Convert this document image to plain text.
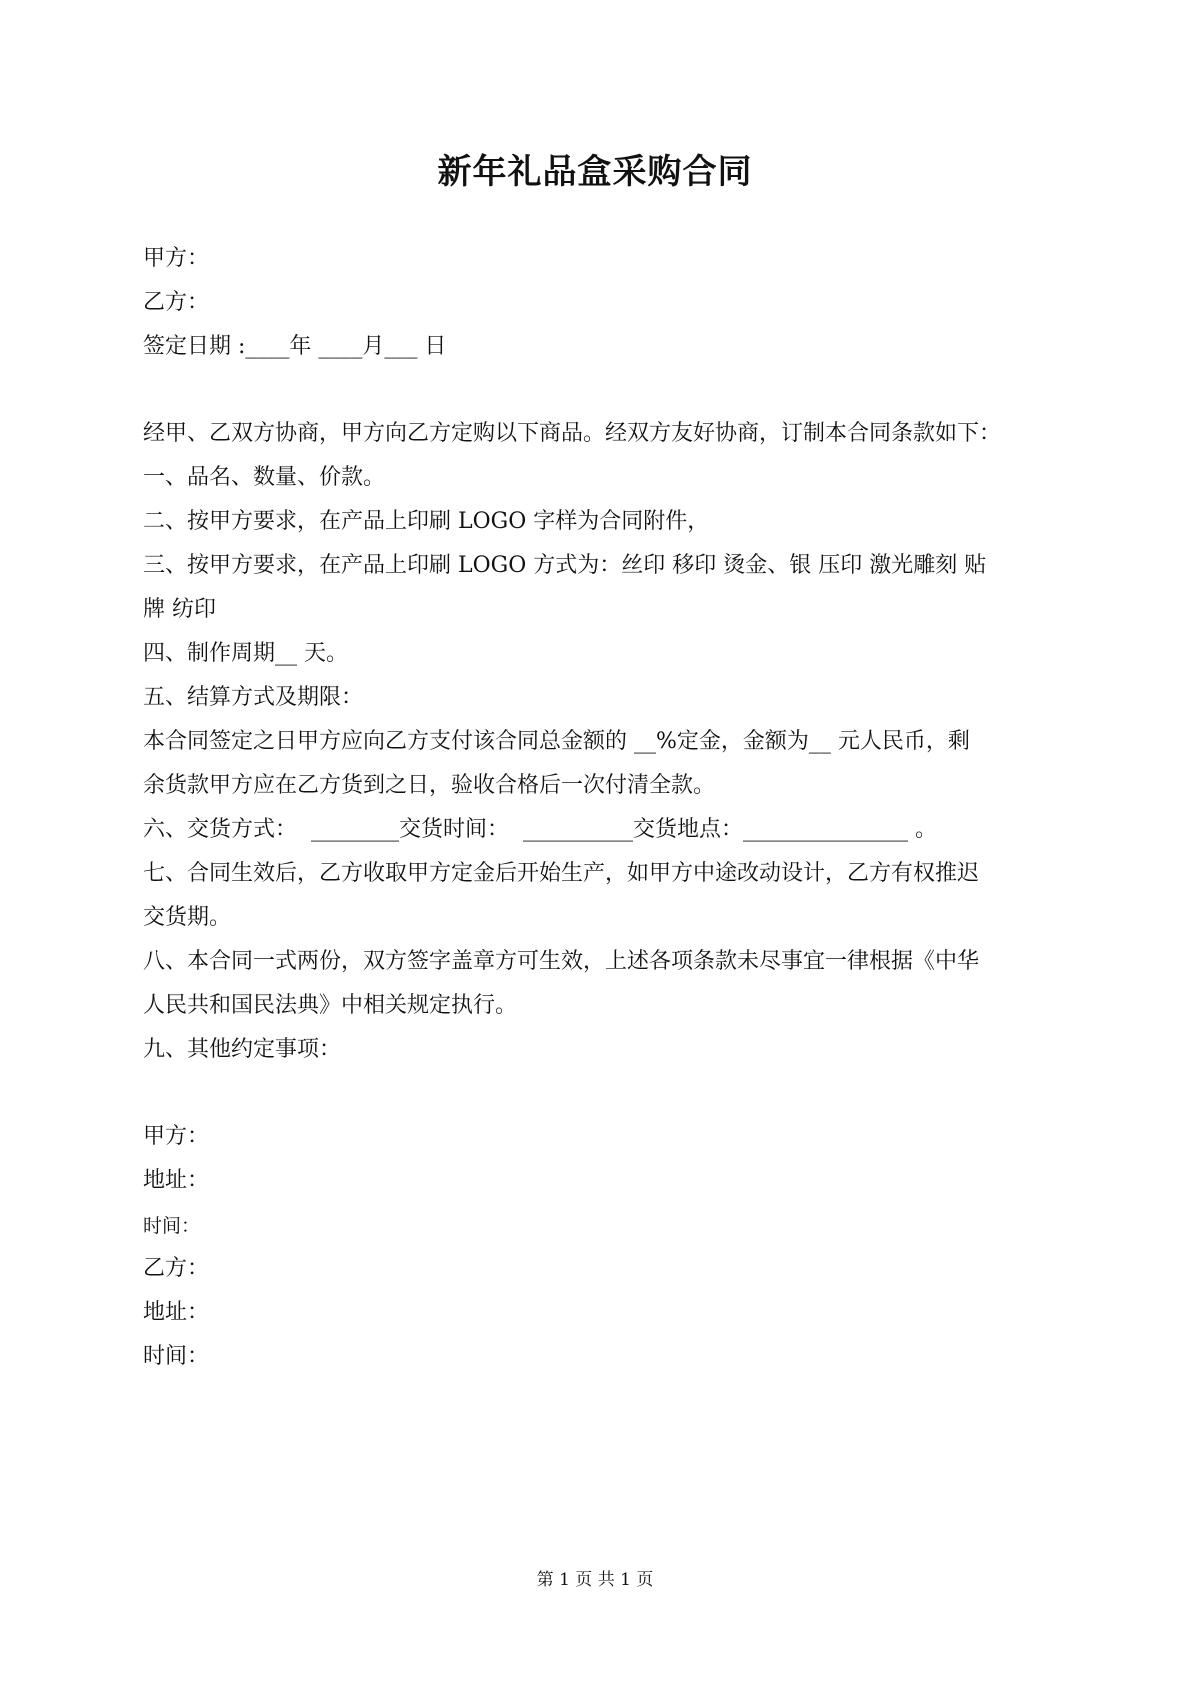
新年礼品盒采购合同
甲方：
乙方：
签定日期 :____年 ____月___ 日
经甲、乙双方协商，甲方向乙方定购以下商品。经双方友好协商，订制本合同条款如下：
一、品名、数量、价款。
二、按甲方要求，在产品上印刷 LOGO 字样为合同附件，
三、按甲方要求，在产品上印刷 LOGO 方式为：丝印 移印 烫金、银 压印 激光雕刻 贴
牌 纺印
四、制作周期__ 天。
五、结算方式及期限：
本合同签定之日甲方应向乙方支付该合同总金额的 __%定金，金额为__ 元人民币，剩
余货款甲方应在乙方货到之日，验收合格后一次付清全款。
六、交货方式：  ________交货时间：  __________交货地点：_______________ 。
七、合同生效后，乙方收取甲方定金后开始生产，如甲方中途改动设计，乙方有权推迟
交货期。
八、本合同一式两份，双方签字盖章方可生效，上述各项条款未尽事宜一律根据《中华
人民共和国民法典》中相关规定执行。
九、其他约定事项：
甲方：
地址：
时间：
乙方：
地址：
时间：
第 1 页 共 1 页
